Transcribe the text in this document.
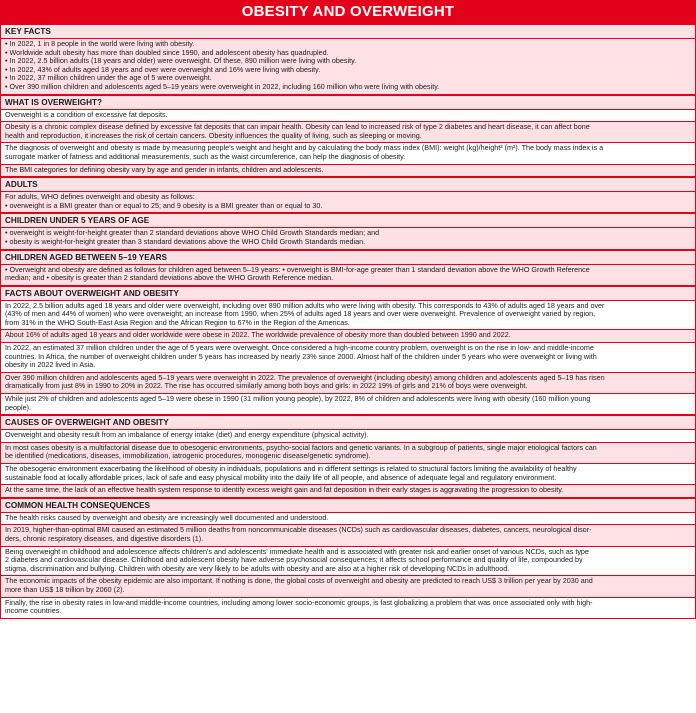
OBESITY AND OVERWEIGHT
KEY FACTS
• In 2022, 1 in 8 people in the world were living with obesity.
• Worldwide adult obesity has more than doubled since 1990, and adolescent obesity has quadrupled.
• In 2022, 2.5 billion adults (18 years and older) were overweight. Of these, 890 million were living with obesity.
• In 2022, 43% of adults aged 18 years and over were overweight and 16% were living with obesity.
• In 2022, 37 million children under the age of 5 were overweight.
• Over 390 million children and adolescents aged 5–19 years were overweight in 2022, including 160 million who were living with obesity.
WHAT IS OVERWEIGHT?
Overweight is a condition of excessive fat deposits.
Obesity is a chronic complex disease defined by excessive fat deposits that can impair health. Obesity can lead to increased risk of type 2 diabetes and heart disease, it can affect bone
health and reproduction, it increases the risk of certain cancers. Obesity influences the quality of living, such as sleeping or moving.
The diagnosis of overweight and obesity is made by measuring people's weight and height and by calculating the body mass index (BMI): weight (kg)/height² (m²). The body mass index is a
surrogate marker of fatness and additional measurements, such as the waist circumference, can help the diagnosis of obesity.
The BMI categories for defining obesity vary by age and gender in infants, children and adolescents.
ADULTS
For adults, WHO defines overweight and obesity as follows:
• overweight is a BMI greater than or equal to 25; and 9 obesity is a BMI greater than or equal to 30.
CHILDREN UNDER 5 YEARS OF AGE
• overweight is weight-for-height greater than 2 standard deviations above WHO Child Growth Standards median; and
• obesity is weight-for-height greater than 3 standard deviations above the WHO Child Growth Standards median.
CHILDREN AGED BETWEEN 5–19 YEARS
• Overweight and obesity are defined as follows for children aged between 5–19 years: • overweight is BMI-for-age greater than 1 standard deviation above the WHO Growth Reference
median; and • obesity is greater than 2 standard deviations above the WHO Growth Reference median.
FACTS ABOUT OVERWEIGHT AND OBESITY
In 2022, 2.5 billion adults aged 18 years and older were overweight, including over 890 million adults who were living with obesity. This corresponds to 43% of adults aged 18 years and over
(43% of men and 44% of women) who were overweight; an increase from 1990, when 25% of adults aged 18 years and over were overweight. Prevalence of overweight varied by region,
from 31% in the WHO South-East Asia Region and the African Region to 67% in the Region of the Americas.
About 16% of adults aged 18 years and older worldwide were obese in 2022. The worldwide prevalence of obesity more than doubled between 1990 and 2022.
In 2022, an estimated 37 million children under the age of 5 years were overweight. Once considered a high-income country problem, overweight is on the rise in low- and middle-income
countries. In Africa, the number of overweight children under 5 years has increased by nearly 23% since 2000. Almost half of the children under 5 years who were overweight or living with
obesity in 2022 lived in Asia.
Over 390 million children and adolescents aged 5–19 years were overweight in 2022. The prevalence of overweight (including obesity) among children and adolescents aged 5–19 has risen
dramatically from just 8% in 1990 to 20% in 2022. The rise has occurred similarly among both boys and girls: in 2022 19% of girls and 21% of boys were overweight.
While just 2% of children and adolescents aged 5–19 were obese in 1990 (31 million young people), by 2022, 8% of children and adolescents were living with obesity (160 million young
people).
CAUSES OF OVERWEIGHT AND OBESITY
Overweight and obesity result from an imbalance of energy intake (diet) and energy expenditure (physical activity).
In most cases obesity is a multifactorial disease due to obesogenic environments, psycho-social factors and genetic variants. In a subgroup of patients, single major etiological factors can
be identified (medications, diseases, immobilization, iatrogenic procedures, monogenic disease/genetic syndrome).
The obesogenic environment exacerbating the likelihood of obesity in individuals, populations and in different settings is related to structural factors limiting the availability of healthy
sustainable food at locally affordable prices, lack of safe and easy physical mobility into the daily life of all people, and absence of adequate legal and regulatory environment.
At the same time, the lack of an effective health system response to identify excess weight gain and fat deposition in their early stages is aggravating the progression to obesity.
COMMON HEALTH CONSEQUENCES
The health risks caused by overweight and obesity are increasingly well documented and understood.
In 2019, higher-than-optimal BMI caused an estimated 5 million deaths from noncommunicable diseases (NCDs) such as cardiovascular diseases, diabetes, cancers, neurological disor-
ders, chronic respiratory diseases, and digestive disorders (1).
Being overweight in childhood and adolescence affects children's and adolescents' immediate health and is associated with greater risk and earlier onset of various NCDs, such as type
2 diabetes and cardiovascular disease. Childhood and adolescent obesity have adverse psychosocial consequences; it affects school performance and quality of life, compounded by
stigma, discrimination and bullying. Children with obesity are very likely to be adults with obesity and are also at a higher risk of developing NCDs in adulthood.
The economic impacts of the obesity epidemic are also important. If nothing is done, the global costs of overweight and obesity are predicted to reach US$ 3 trillion per year by 2030 and
more than US$ 18 trillion by 2060 (2).
Finally, the rise in obesity rates in low-and middle-income countries, including among lower socio-economic groups, is fast globalizing a problem that was once associated only with high-
income countries.
